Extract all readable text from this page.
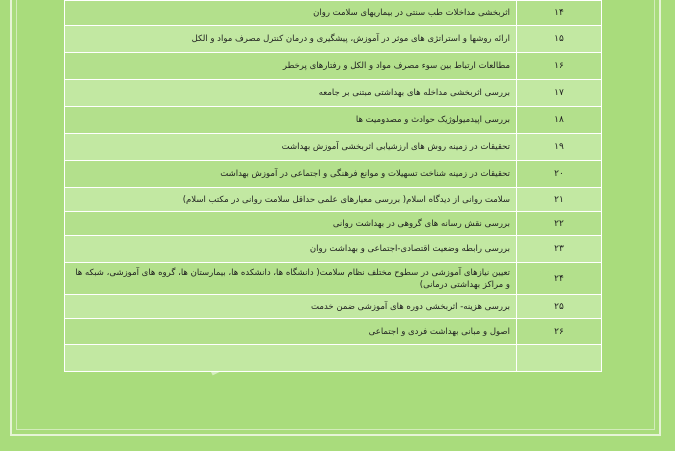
۱۴	اثربخشی مداخلات طب سنتی در بیماریهای سلامت روان
۱۵	ارائه روشها و استراتژی های موثر در آموزش، پیشگیری و درمان کنترل مصرف مواد و الکل
۱۶	مطالعات ارتباط بین سوء مصرف مواد و الکل و رفتارهای پرخطر
۱۷	بررسی اثربخشی مداخله های بهداشتی مبتنی بر جامعه
۱۸	بررسی اپیدمیولوژیک حوادث و مصدومیت ها
۱۹	تحقیقات در زمینه روش های ارزشیابی اثربخشی آموزش بهداشت
۲۰	تحقیقات در زمینه شناخت تسهیلات و موانع فرهنگی و اجتماعی در آموزش بهداشت
۲۱	سلامت روانی از دیدگاه اسلام( بررسی معیارهای علمی حداقل سلامت روانی در مکتب اسلام)
۲۲	بررسی نقش رسانه های گروهی در بهداشت روانی
۲۳	بررسی رابطه وضعیت اقتصادی-اجتماعی و بهداشت روان
۲۴	تعیین نیازهای آموزشی در سطوح مختلف نظام سلامت( دانشگاه ها، دانشکده ها، بیمارستان ها، گروه های آموزشی، شبکه ها و مراکز بهداشتی درمانی)
۲۵	بررسی هزینه- اثربخشی دوره های آموزشی ضمن خدمت
۲۶	اصول و مبانی بهداشت فردی و اجتماعی
